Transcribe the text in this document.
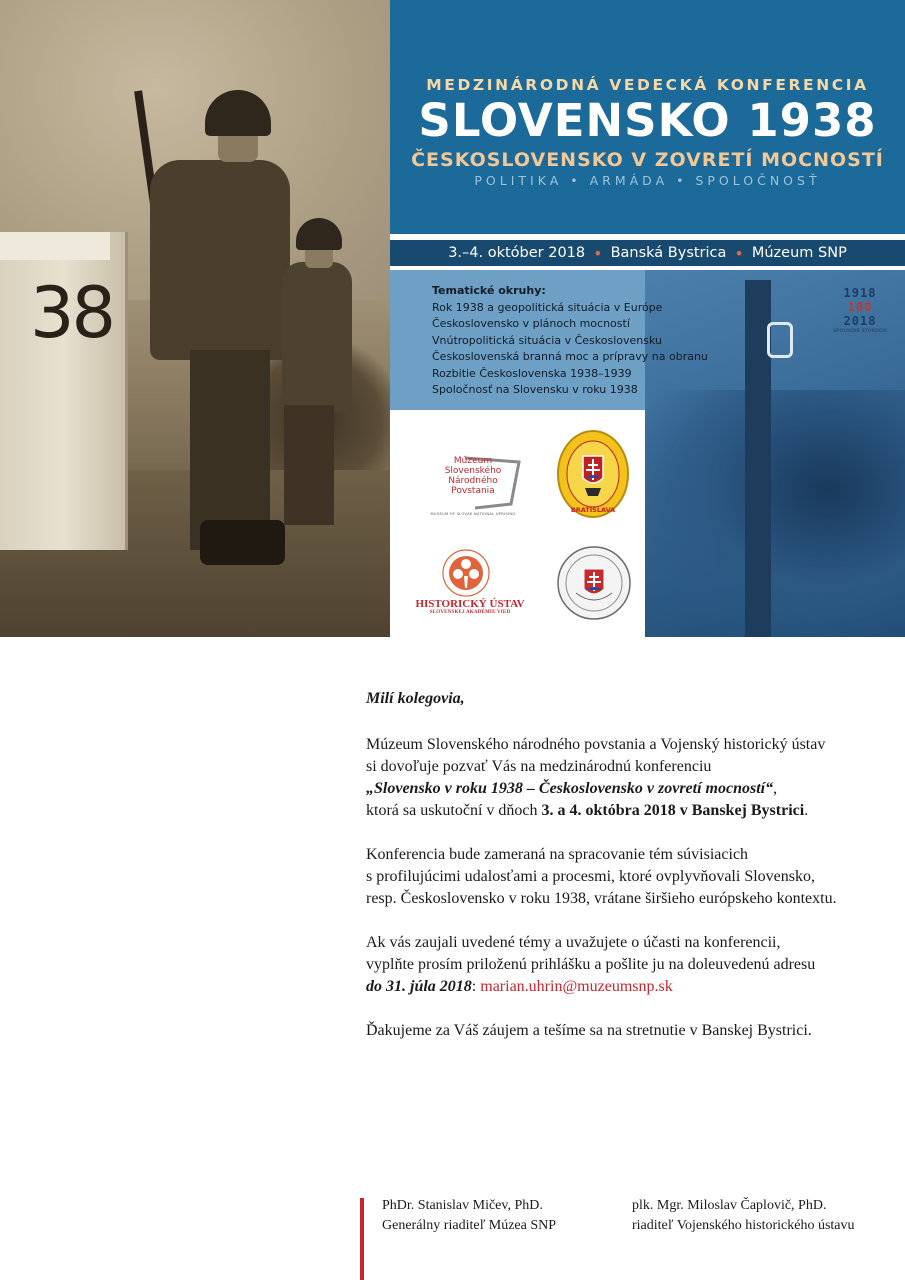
38
MEDZINÁRODNÁ VEDECKÁ KONFERENCIA
SLOVENSKO 1938
ČESKOSLOVENSKO V ZOVRETÍ MOCNOSTÍ
POLITIKA • ARMÁDA • SPOLOČNOSŤ
3.–4. október 2018 • Banská Bystrica • Múzeum SNP
Tematické okruhy:
Rok 1938 a geopolitická situácia v Európe
Československo v plánoch mocností
Vnútropolitická situácia v Československu
Československá branná moc a prípravy na obranu
Rozbitie Československa 1938–1939
Spoločnosť na Slovensku v roku 1938
1918
100
2018
SPOLOČNÉ STOROČIE
Múzeum
Slovenského
Národného
Povstania
MUSEUM OF SLOVAK NATIONAL UPRISING	BRATISLAVA
HISTORICKÝ ÚSTAV
SLOVENSKEJ AKADÉMIE VIED

Milí kolegovia,

Múzeum Slovenského národného povstania a Vojenský historický ústav
si dovoľuje pozvať Vás na medzinárodnú konferenciu
„Slovensko v roku 1938 – Československo v zovretí mocností“,
ktorá sa uskutoční v dňoch 3. a 4. októbra 2018 v Banskej Bystrici.

Konferencia bude zameraná na spracovanie tém súvisiacich
s profilujúcimi udalosťami a procesmi, ktoré ovplyvňovali Slovensko,
resp. Československo v roku 1938, vrátane širšieho európskeho kontextu.

Ak vás zaujali uvedené témy a uvažujete o účasti na konferencii,
vyplňte prosím priloženú prihlášku a pošlite ju na doleuvedenú adresu
do 31. júla 2018: marian.uhrin@muzeumsnp.sk

Ďakujeme za Váš záujem a tešíme sa na stretnutie v Banskej Bystrici.

PhDr. Stanislav Mičev, PhD.
Generálny riaditeľ Múzea SNP
plk. Mgr. Miloslav Čaplovič, PhD.
riaditeľ Vojenského historického ústavu
